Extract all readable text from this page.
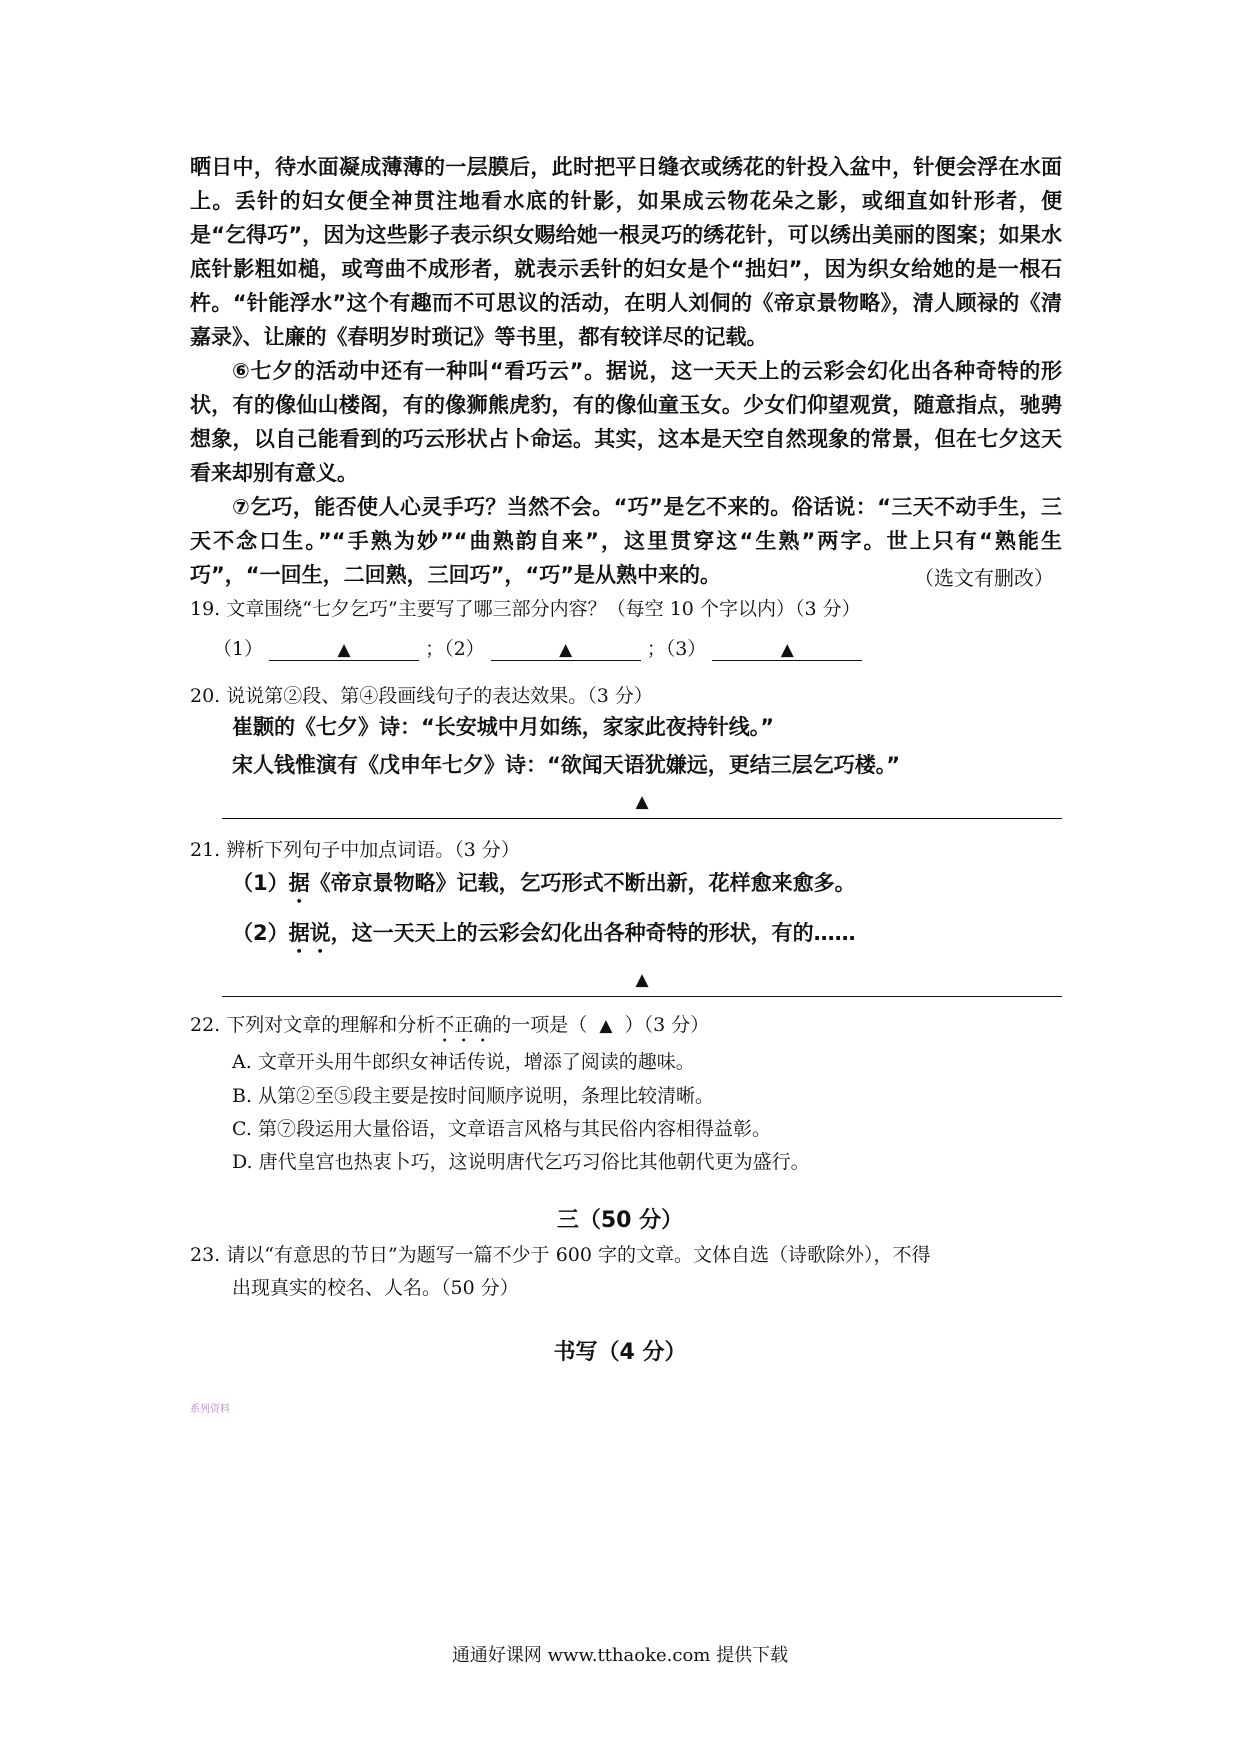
晒日中，待水面凝成薄薄的一层膜后，此时把平日缝衣或绣花的针投入盆中，针便会浮在水面上。丢针的妇女便全神贯注地看水底的针影，如果成云物花朵之影，或细直如针形者，便是“乞得巧”，因为这些影子表示织女赐给她一根灵巧的绣花针，可以绣出美丽的图案；如果水底针影粗如槌，或弯曲不成形者，就表示丢针的妇女是个“拙妇”，因为织女给她的是一根石杵。“针能浮水”这个有趣而不可思议的活动，在明人刘侗的《帝京景物略》，清人顾禄的《清嘉录》、让廉的《春明岁时琐记》等书里，都有较详尽的记载。

⑥七夕的活动中还有一种叫“看巧云”。据说，这一天天上的云彩会幻化出各种奇特的形状，有的像仙山楼阁，有的像狮熊虎豹，有的像仙童玉女。少女们仰望观赏，随意指点，驰骋想象，以自己能看到的巧云形状占卜命运。其实，这本是天空自然现象的常景，但在七夕这天看来却别有意义。

⑦乞巧，能否使人心灵手巧？当然不会。“巧”是乞不来的。俗话说：“三天不动手生，三天不念口生。”“手熟为妙”“曲熟韵自来”，这里贯穿这“生熟”两字。世上只有“熟能生巧”，“一回生，二回熟，三回巧”，“巧”是从熟中来的。	（选文有删改）
19. 文章围绕“七夕乞巧”主要写了哪三部分内容？（每空 10 个字以内）（3 分）
（1）	▲	；（2）	▲	；（3）	▲
20. 说说第②段、第④段画线句子的表达效果。（3 分）
崔颢的《七夕》诗：“长安城中月如练，家家此夜持针线。”
宋人钱惟演有《戊申年七夕》诗：“欲闻天语犹嫌远，更结三层乞巧楼。”
▲
21. 辨析下列句子中加点词语。（3 分）
（1）据《帝京景物略》记载，乞巧形式不断出新，花样愈来愈多。
（2）据说，这一天天上的云彩会幻化出各种奇特的形状，有的……
▲
22. 下列对文章的理解和分析不正确的一项是（ ▲ ）（3 分）
A. 文章开头用牛郎织女神话传说，增添了阅读的趣味。
B. 从第②至⑤段主要是按时间顺序说明，条理比较清晰。
C. 第⑦段运用大量俗语，文章语言风格与其民俗内容相得益彰。
D. 唐代皇宫也热衷卜巧，这说明唐代乞巧习俗比其他朝代更为盛行。
三（50 分）
23. 请以“有意思的节日”为题写一篇不少于 600 字的文章。文体自选（诗歌除外），不得
出现真实的校名、人名。（50 分）
书写（4 分）
系列资料
通通好课网 www.tthaoke.com 提供下载
